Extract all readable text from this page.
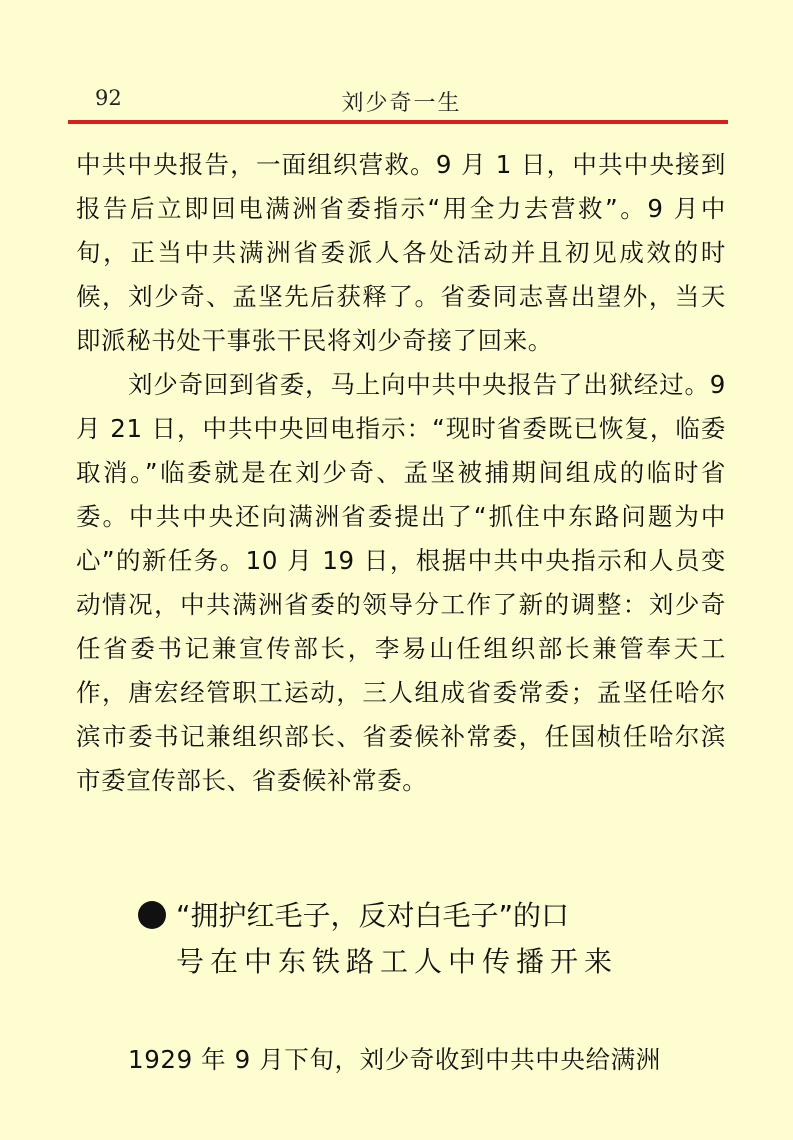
92	刘少奇一生

中共中央报告，一面组织营救。9 月 1 日，中共中央接到报告后立即回电满洲省委指示“用全力去营救”。9 月中旬，正当中共满洲省委派人各处活动并且初见成效的时候，刘少奇、孟坚先后获释了。省委同志喜出望外，当天即派秘书处干事张干民将刘少奇接了回来。

刘少奇回到省委，马上向中共中央报告了出狱经过。9 月 21 日，中共中央回电指示：“现时省委既已恢复，临委取消。”临委就是在刘少奇、孟坚被捕期间组成的临时省委。中共中央还向满洲省委提出了“抓住中东路问题为中心”的新任务。10 月 19 日，根据中共中央指示和人员变动情况，中共满洲省委的领导分工作了新的调整：刘少奇任省委书记兼宣传部长，李易山任组织部长兼管奉天工作，唐宏经管职工运动，三人组成省委常委；孟坚任哈尔滨市委书记兼组织部长、省委候补常委，任国桢任哈尔滨市委宣传部长、省委候补常委。

“拥护红毛子，反对白毛子”的口
号在中东铁路工人中传播开来

1929 年 9 月下旬，刘少奇收到中共中央给满洲
